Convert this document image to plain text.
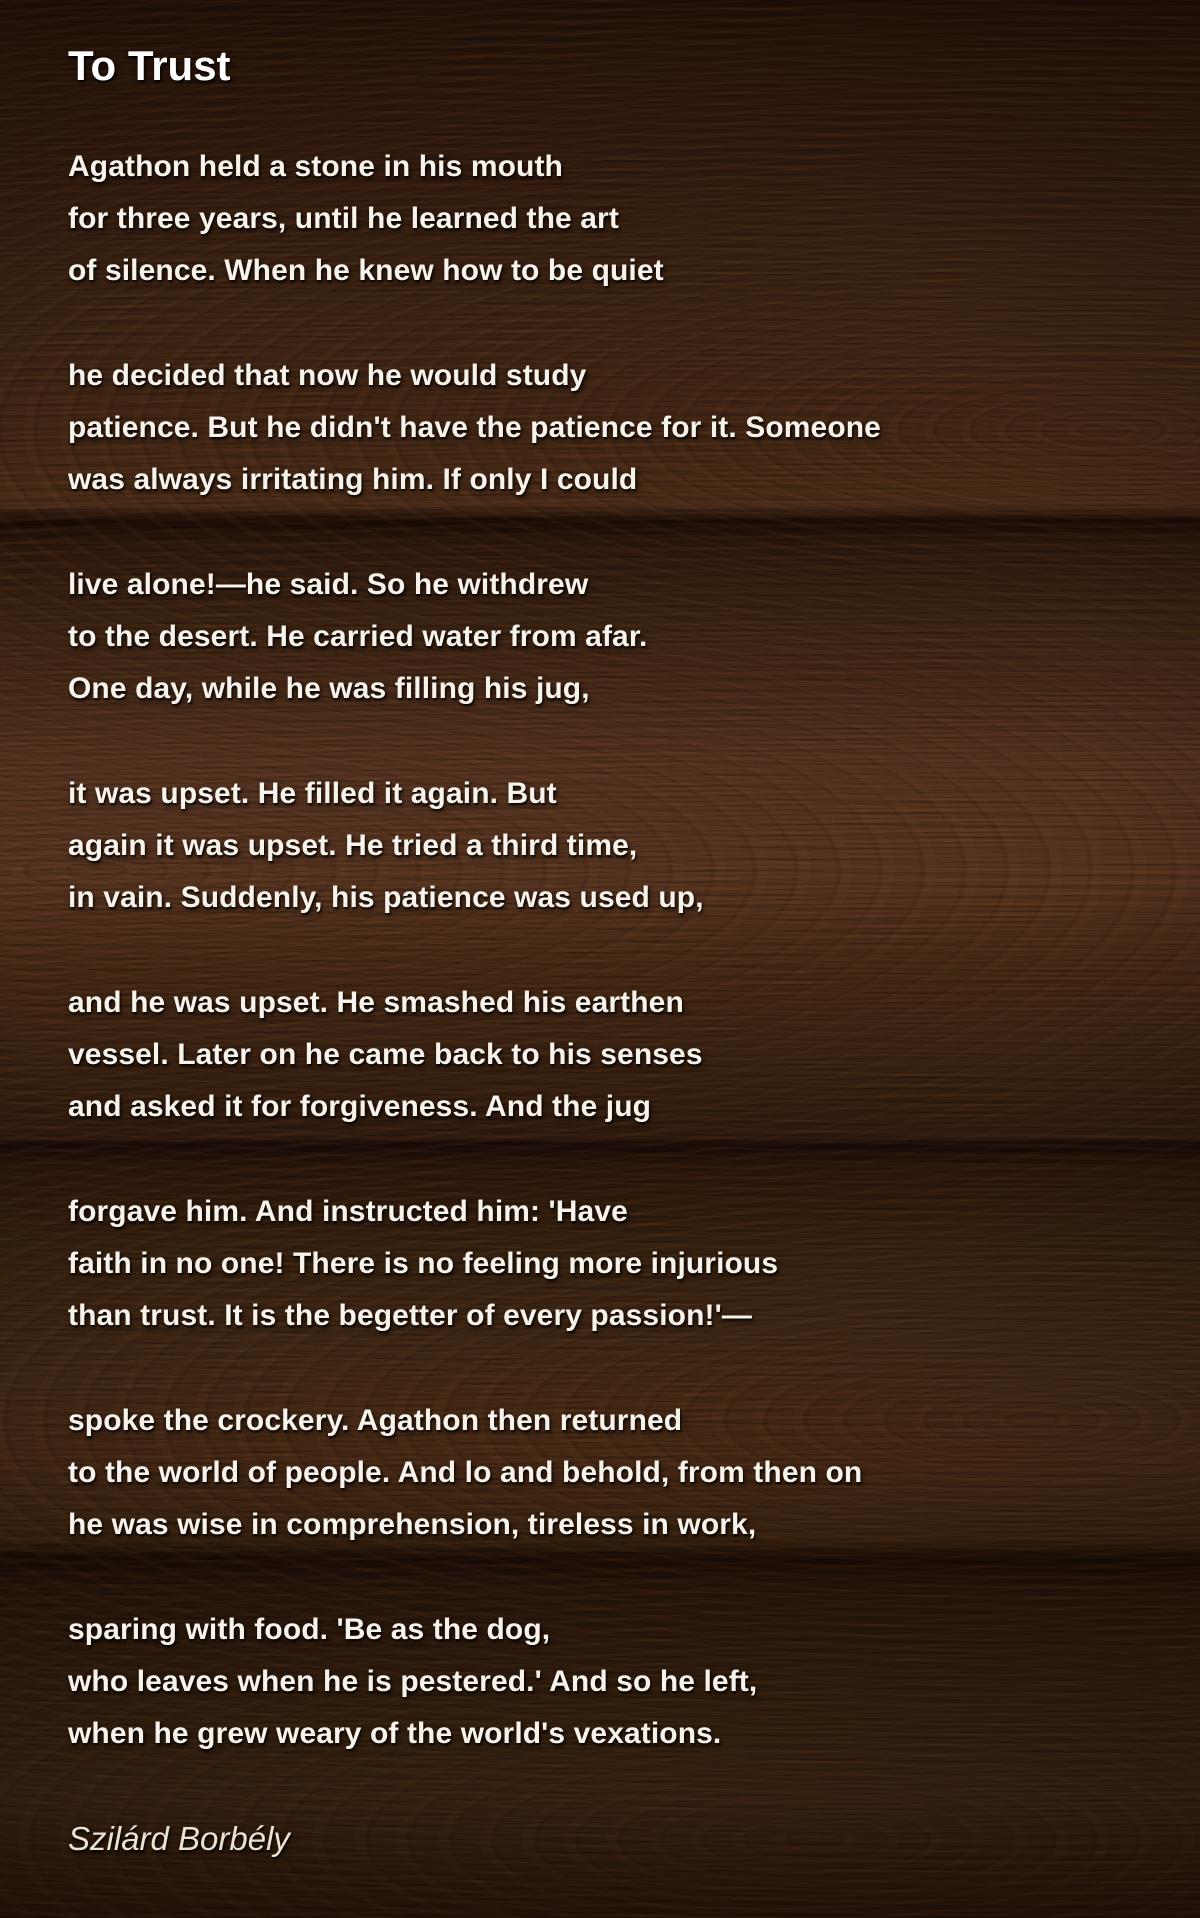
To Trust

Agathon held a stone in his mouth
for three years, until he learned the art
of silence. When he knew how to be quiet

he decided that now he would study
patience. But he didn't have the patience for it. Someone
was always irritating him. If only I could

live alone!—he said. So he withdrew
to the desert. He carried water from afar.
One day, while he was filling his jug,

it was upset. He filled it again. But
again it was upset. He tried a third time,
in vain. Suddenly, his patience was used up,

and he was upset. He smashed his earthen
vessel. Later on he came back to his senses
and asked it for forgiveness. And the jug

forgave him. And instructed him: 'Have
faith in no one! There is no feeling more injurious
than trust. It is the begetter of every passion!'—

spoke the crockery. Agathon then returned
to the world of people. And lo and behold, from then on
he was wise in comprehension, tireless in work,

sparing with food. 'Be as the dog,
who leaves when he is pestered.' And so he left,
when he grew weary of the world's vexations.

Szilárd Borbély
